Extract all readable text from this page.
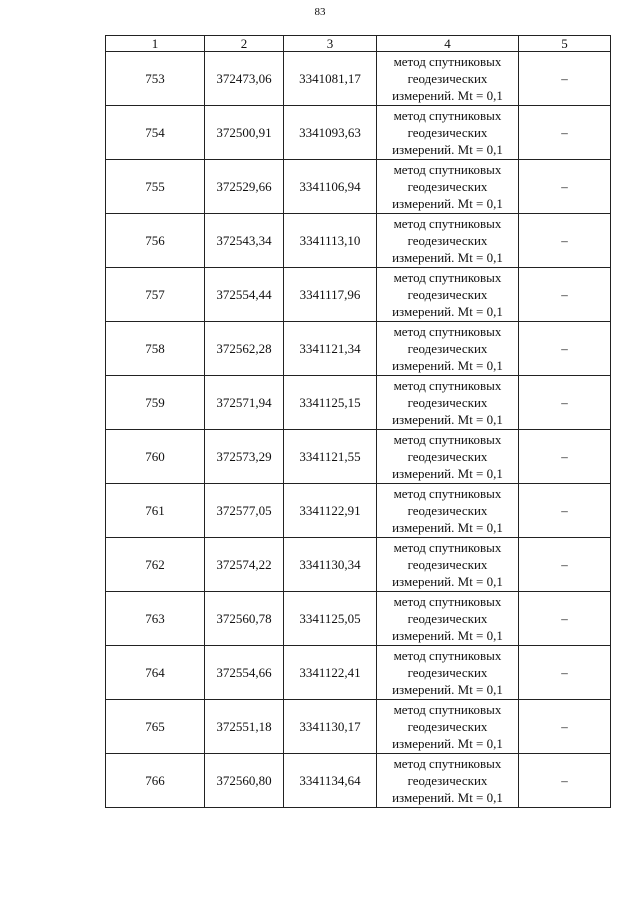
83
1	2	3	4	5
753	372473,06	3341081,17	метод спутниковых
геодезических
измерений. Mt = 0,1	–
754	372500,91	3341093,63	метод спутниковых
геодезических
измерений. Mt = 0,1	–
755	372529,66	3341106,94	метод спутниковых
геодезических
измерений. Mt = 0,1	–
756	372543,34	3341113,10	метод спутниковых
геодезических
измерений. Mt = 0,1	–
757	372554,44	3341117,96	метод спутниковых
геодезических
измерений. Mt = 0,1	–
758	372562,28	3341121,34	метод спутниковых
геодезических
измерений. Mt = 0,1	–
759	372571,94	3341125,15	метод спутниковых
геодезических
измерений. Mt = 0,1	–
760	372573,29	3341121,55	метод спутниковых
геодезических
измерений. Mt = 0,1	–
761	372577,05	3341122,91	метод спутниковых
геодезических
измерений. Mt = 0,1	–
762	372574,22	3341130,34	метод спутниковых
геодезических
измерений. Mt = 0,1	–
763	372560,78	3341125,05	метод спутниковых
геодезических
измерений. Mt = 0,1	–
764	372554,66	3341122,41	метод спутниковых
геодезических
измерений. Mt = 0,1	–
765	372551,18	3341130,17	метод спутниковых
геодезических
измерений. Mt = 0,1	–
766	372560,80	3341134,64	метод спутниковых
геодезических
измерений. Mt = 0,1	–
